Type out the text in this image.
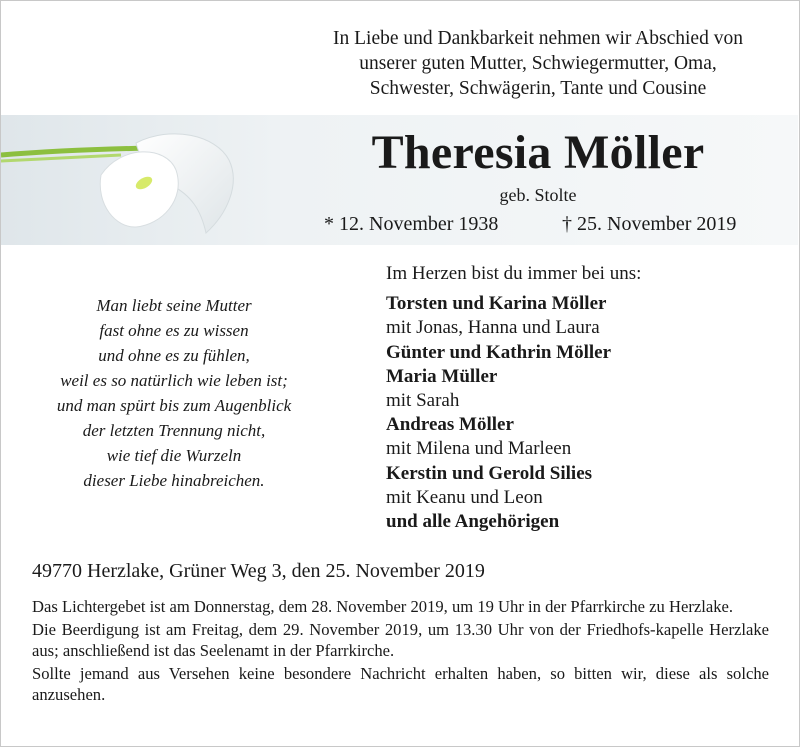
In Liebe und Dankbarkeit nehmen wir Abschied von
unserer guten Mutter, Schwiegermutter, Oma,
Schwester, Schwägerin, Tante und Cousine
Theresia Möller
geb. Stolte
* 12. November 1938	† 25. November 2019
Man liebt seine Mutter
fast ohne es zu wissen
und ohne es zu fühlen,
weil es so natürlich wie leben ist;
und man spürt bis zum Augenblick
der letzten Trennung nicht,
wie tief die Wurzeln
dieser Liebe hinabreichen.
Im Herzen bist du immer bei uns:
Torsten und Karina Möller
mit Jonas, Hanna und Laura
Günter und Kathrin Möller
Maria Müller
mit Sarah
Andreas Möller
mit Milena und Marleen
Kerstin und Gerold Silies
mit Keanu und Leon
und alle Angehörigen
49770 Herzlake, Grüner Weg 3, den 25. November 2019

Das Lichtergebet ist am Donnerstag, dem 28. November 2019, um 19 Uhr in der Pfarrkirche zu Herzlake.

Die Beerdigung ist am Freitag, dem 29. November 2019, um 13.30 Uhr von der Friedhofs-kapelle Herzlake aus; anschließend ist das Seelenamt in der Pfarrkirche.

Sollte jemand aus Versehen keine besondere Nachricht erhalten haben, so bitten wir, diese als solche anzusehen.
